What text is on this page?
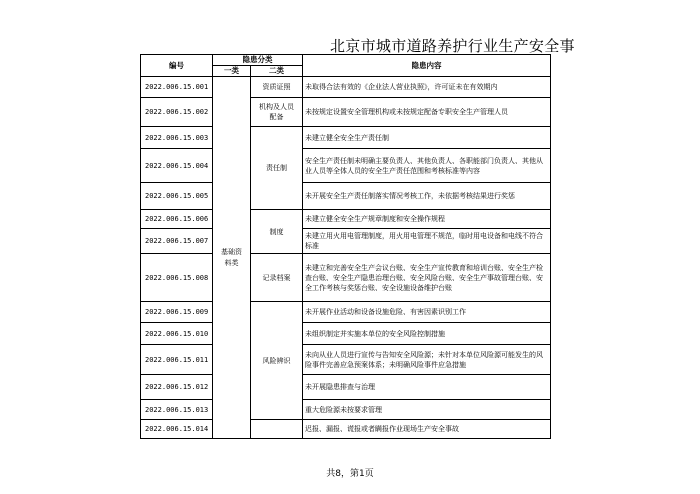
北京市城市道路养护行业生产安全事
编号	隐患分类		隐患内容
	一类	二类	
2022.006.15.001	基础资料类	资质证照	未取得合法有效的《企业法人营业执照》，许可证未在有效期内
2022.006.15.002		机构及人员配备	未按规定设置安全管理机构或未按规定配备专职安全生产管理人员
2022.006.15.003		责任制	未建立健全安全生产责任制
2022.006.15.004			安全生产责任制未明确主要负责人、其他负责人、各职能部门负责人、其他从业人员等全体人员的安全生产责任范围和考核标准等内容
2022.006.15.005			未开展安全生产责任制落实情况考核工作，未依据考核结果进行奖惩
2022.006.15.006		制度	未建立健全安全生产规章制度和安全操作规程
2022.006.15.007			未建立用火用电管理制度，用火用电管理不规范，临时用电设备和电线不符合标准
2022.006.15.008		记录档案	未建立和完善安全生产会议台账、安全生产宣传教育和培训台账、安全生产检查台账、安全生产隐患治理台账、安全风险台账、安全生产事故管理台账、安全工作考核与奖惩台账、安全设施设备维护台账
2022.006.15.009		风险辨识	未开展作业活动和设备设施危险、有害因素识别工作
2022.006.15.010			未组织制定并实施本单位的安全风险控制措施
2022.006.15.011			未向从业人员进行宣传与告知安全风险源；未针对本单位风险源可能发生的风险事件完善应急预案体系；未明确风险事件应急措施
2022.006.15.012			未开展隐患排查与治理
2022.006.15.013			重大危险源未按要求管理
2022.006.15.014			迟报、漏报、谎报或者瞒报作业现场生产安全事故
共8，第1页
